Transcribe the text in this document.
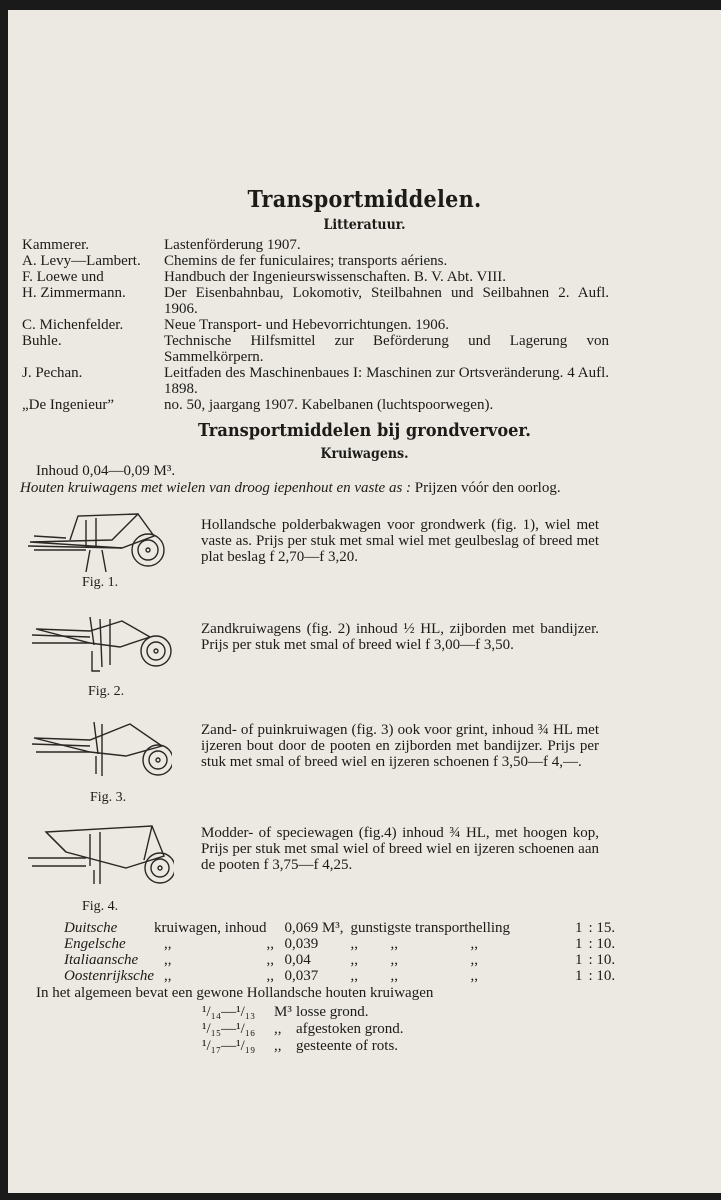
Transportmiddelen.
Litteratuur.
Kammerer.	Lastenförderung 1907.
A. Levy—Lambert. Chemins de fer funiculaires; transports aériens.
F. Loewe und	Handbuch der Ingenieurswissenschaften. B. V. Abt. VIII.
H. Zimmermann.	Der Eisenbahnbau, Lokomotiv, Steilbahnen und Seilbahnen 2. Aufl. 1906.
C. Michenfelder.	Neue Transport- und Hebevorrichtungen. 1906.
Buhle.	Technische Hilfsmittel zur Beförderung und Lagerung von Sammelkörpern.
J. Pechan.	Leitfaden des Maschinenbaues I: Maschinen zur Ortsveränderung. 4 Aufl. 1898.
„De Ingenieur”	no. 50, jaargang 1907. Kabelbanen (luchtspoorwegen).
Transportmiddelen bij grondvervoer.
Kruiwagens.
Inhoud 0,04—0,09 M³.
Houten kruiwagens met wielen van droog iepenhout en vaste as : Prijzen vóór den oorlog.
Fig. 1.
Hollandsche polderbakwagen voor grondwerk (fig. 1), wiel met vaste as. Prijs per stuk met smal wiel met geulbeslag of breed met plat beslag f 2,70—f 3,20.
Fig. 2.
Zandkruiwagens (fig. 2) inhoud ½ HL, zijborden met bandijzer. Prijs per stuk met smal of breed wiel f 3,00—f 3,50.
Fig. 3.
Zand- of puinkruiwagen (fig. 3) ook voor grint, inhoud ¾ HL met ijzeren bout door de pooten en zijborden met bandijzer. Prijs per stuk met smal of breed wiel en ijzeren schoenen f 3,50—f 4,—.
Fig. 4.
Modder- of speciewagen (fig.4) inhoud ¾ HL, met hoogen kop, Prijs per stuk met smal wiel of breed wiel en ijzeren schoenen aan de pooten f 3,75—f 4,25.
Duitsche	kruiwagen, inhoud		0,069 M³,	gunstigste transporthelling			1	: 15.
Engelsche	,,	,,	0,039	,,	,,	,,	1	: 10.
Italiaansche	,,	,,	0,04	,,	,,	,,	1	: 10.
Oostenrijksche	,,	,,	0,037	,,	,,	,,	1	: 10.
In het algemeen bevat een gewone Hollandsche houten kruiwagen
¹/₁₄—¹/₁₃ M³ losse grond.
¹/₁₅—¹/₁₆ ,, afgestoken grond.
¹/₁₇—¹/₁₉ ,, gesteente of rots.
